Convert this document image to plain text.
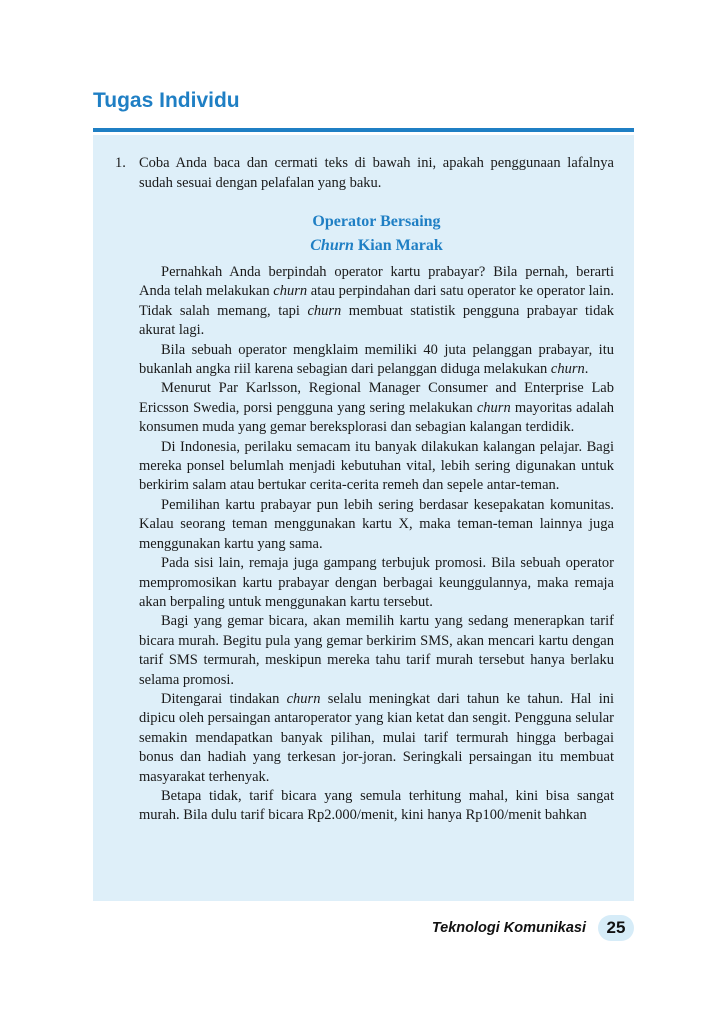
Tugas Individu

1. Coba Anda baca dan cermati teks di bawah ini, apakah penggunaan lafalnya sudah sesuai dengan pelafalan yang baku.

Operator Bersaing
Churn Kian Marak

Pernahkah Anda berpindah operator kartu prabayar? Bila pernah, berarti Anda telah melakukan churn atau perpindahan dari satu operator ke operator lain. Tidak salah memang, tapi churn membuat statistik pengguna prabayar tidak akurat lagi.

Bila sebuah operator mengklaim memiliki 40 juta pelanggan prabayar, itu bukanlah angka riil karena sebagian dari pelanggan diduga melakukan churn.

Menurut Par Karlsson, Regional Manager Consumer and Enterprise Lab Ericsson Swedia, porsi pengguna yang sering melakukan churn mayoritas adalah konsumen muda yang gemar bereksplorasi dan sebagian kalangan terdidik.

Di Indonesia, perilaku semacam itu banyak dilakukan kalangan pelajar. Bagi mereka ponsel belumlah menjadi kebutuhan vital, lebih sering digunakan untuk berkirim salam atau bertukar cerita-cerita remeh dan sepele antar-teman.

Pemilihan kartu prabayar pun lebih sering berdasar kesepakatan komunitas. Kalau seorang teman menggunakan kartu X, maka teman-teman lainnya juga menggunakan kartu yang sama.

Pada sisi lain, remaja juga gampang terbujuk promosi. Bila sebuah operator mempromosikan kartu prabayar dengan berbagai keunggulannya, maka remaja akan berpaling untuk menggunakan kartu tersebut.

Bagi yang gemar bicara, akan memilih kartu yang sedang menerapkan tarif bicara murah. Begitu pula yang gemar berkirim SMS, akan mencari kartu dengan tarif SMS termurah, meskipun mereka tahu tarif murah tersebut hanya berlaku selama promosi.

Ditengarai tindakan churn selalu meningkat dari tahun ke tahun. Hal ini dipicu oleh persaingan antaroperator yang kian ketat dan sengit. Pengguna selular semakin mendapatkan banyak pilihan, mulai tarif termurah hingga berbagai bonus dan hadiah yang terkesan jor-joran. Seringkali persaingan itu membuat masyarakat terhenyak.

Betapa tidak, tarif bicara yang semula terhitung mahal, kini bisa sangat murah. Bila dulu tarif bicara Rp2.000/menit, kini hanya Rp100/menit bahkan

Teknologi Komunikasi	25
